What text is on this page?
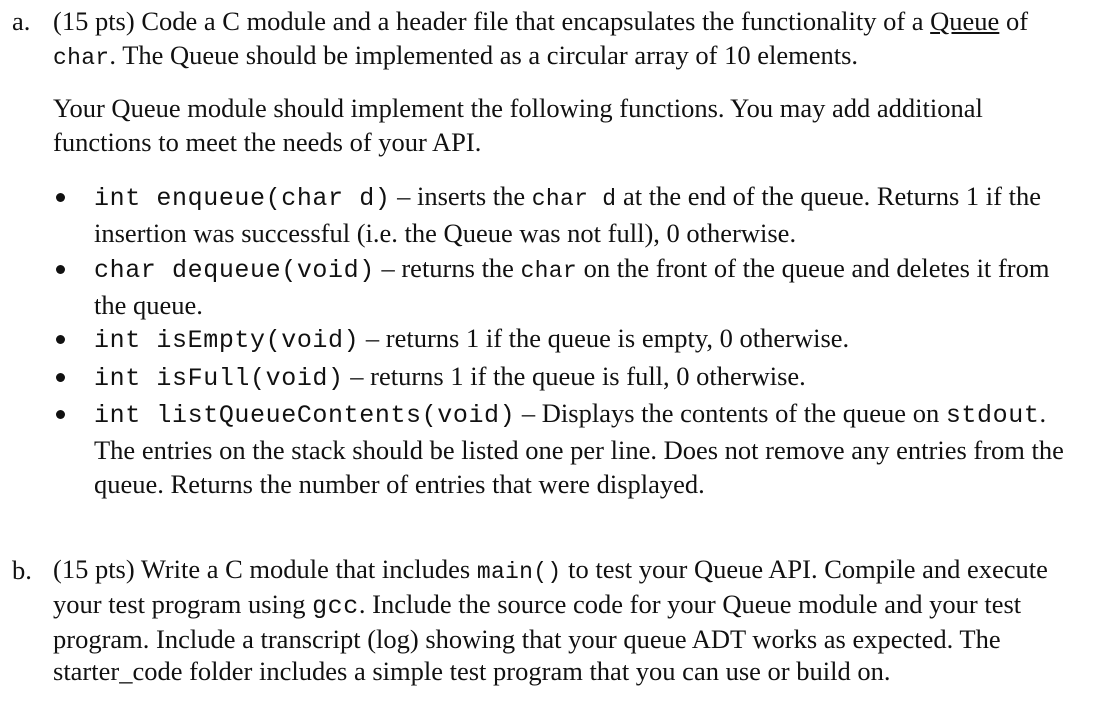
a. (15 pts) Code a C module and a header file that encapsulates the functionality of a Queue of
char. The Queue should be implemented as a circular array of 10 elements.
Your Queue module should implement the following functions. You may add additional functions to meet the needs of your API.
int enqueue(char d) – inserts the char d at the end of the queue. Returns 1 if the insertion was successful (i.e. the Queue was not full), 0 otherwise.
char dequeue(void) – returns the char on the front of the queue and deletes it from the queue.
int isEmpty(void) – returns 1 if the queue is empty, 0 otherwise.
int isFull(void) – returns 1 if the queue is full, 0 otherwise.
int listQueueContents(void) – Displays the contents of the queue on stdout. The entries on the stack should be listed one per line. Does not remove any entries from the queue. Returns the number of entries that were displayed.
b. (15 pts) Write a C module that includes main() to test your Queue API. Compile and execute your test program using gcc. Include the source code for your Queue module and your test program. Include a transcript (log) showing that your queue ADT works as expected. The starter_code folder includes a simple test program that you can use or build on.
